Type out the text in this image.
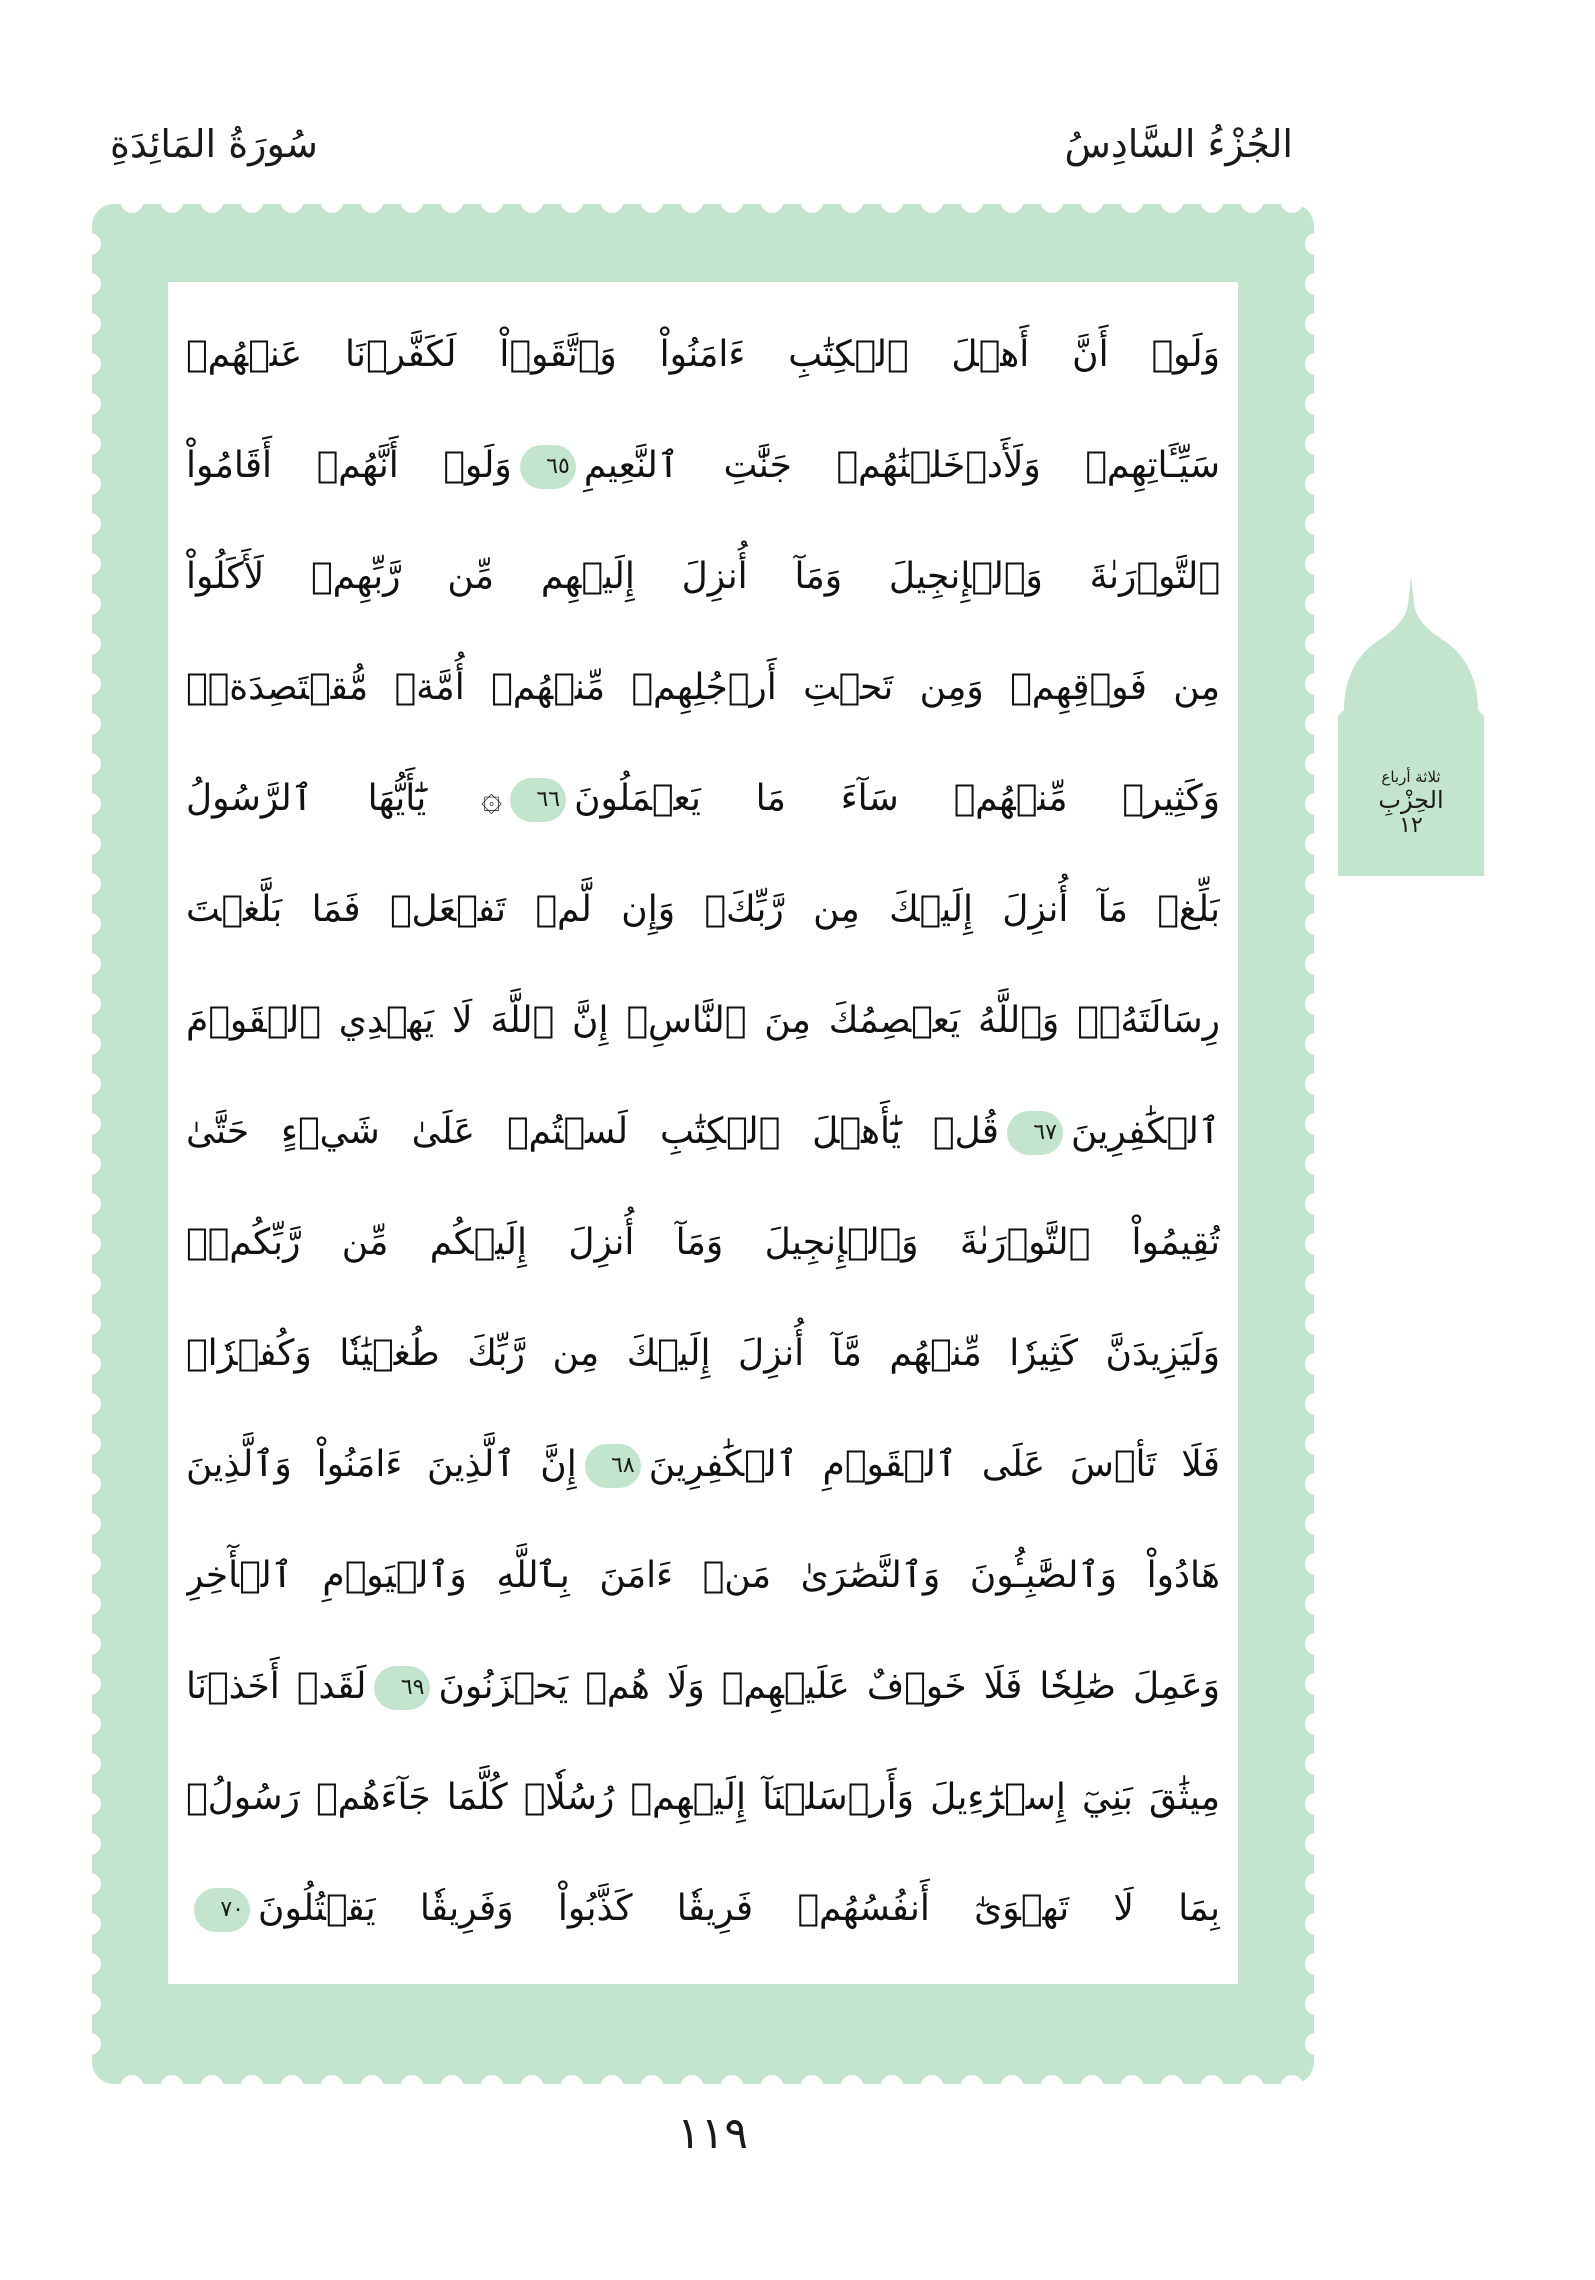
الجُزْءُ السَّادِسُ
سُورَةُ المَائِدَةِ
وَلَوۡ أَنَّ أَهۡلَ ٱلۡكِتَٰبِ ءَامَنُواْ وَٱتَّقَوۡاْ لَكَفَّرۡنَا عَنۡهُمۡ
سَيِّـَٔاتِهِمۡ وَلَأَدۡخَلۡنَٰهُمۡ جَنَّٰتِ ٱلنَّعِيمِ٦٥وَلَوۡ أَنَّهُمۡ أَقَامُواْ
ٱلتَّوۡرَىٰةَ وَٱلۡإِنجِيلَ وَمَآ أُنزِلَ إِلَيۡهِم مِّن رَّبِّهِمۡ لَأَكَلُواْ
مِن فَوۡقِهِمۡ وَمِن تَحۡتِ أَرۡجُلِهِمۚ مِّنۡهُمۡ أُمَّةٞ مُّقۡتَصِدَةٞۖ
وَكَثِيرٞ مِّنۡهُمۡ سَآءَ مَا يَعۡمَلُونَ٦٦۞ يَٰٓأَيُّهَا ٱلرَّسُولُ
بَلِّغۡ مَآ أُنزِلَ إِلَيۡكَ مِن رَّبِّكَۖ وَإِن لَّمۡ تَفۡعَلۡ فَمَا بَلَّغۡتَ
رِسَالَتَهُۥۚ وَٱللَّهُ يَعۡصِمُكَ مِنَ ٱلنَّاسِۗ إِنَّ ٱللَّهَ لَا يَهۡدِي ٱلۡقَوۡمَ
ٱلۡكَٰفِرِينَ٦٧قُلۡ يَٰٓأَهۡلَ ٱلۡكِتَٰبِ لَسۡتُمۡ عَلَىٰ شَيۡءٍ حَتَّىٰ
تُقِيمُواْ ٱلتَّوۡرَىٰةَ وَٱلۡإِنجِيلَ وَمَآ أُنزِلَ إِلَيۡكُم مِّن رَّبِّكُمۡۗ
وَلَيَزِيدَنَّ كَثِيرٗا مِّنۡهُم مَّآ أُنزِلَ إِلَيۡكَ مِن رَّبِّكَ طُغۡيَٰنٗا وَكُفۡرٗاۖ
فَلَا تَأۡسَ عَلَى ٱلۡقَوۡمِ ٱلۡكَٰفِرِينَ٦٨إِنَّ ٱلَّذِينَ ءَامَنُواْ وَٱلَّذِينَ
هَادُواْ وَٱلصَّٰبِـُٔونَ وَٱلنَّصَٰرَىٰ مَنۡ ءَامَنَ بِٱللَّهِ وَٱلۡيَوۡمِ ٱلۡأٓخِرِ
وَعَمِلَ صَٰلِحٗا فَلَا خَوۡفٌ عَلَيۡهِمۡ وَلَا هُمۡ يَحۡزَنُونَ٦٩لَقَدۡ أَخَذۡنَا
مِيثَٰقَ بَنِيٓ إِسۡرَٰٓءِيلَ وَأَرۡسَلۡنَآ إِلَيۡهِمۡ رُسُلٗاۖ كُلَّمَا جَآءَهُمۡ رَسُولُۢ
بِمَا لَا تَهۡوَىٰٓ أَنفُسُهُمۡ فَرِيقٗا كَذَّبُواْ وَفَرِيقٗا يَقۡتُلُونَ٧٠
ثلاثة أرباع
الحِزْبِ
١٢
١١٩
